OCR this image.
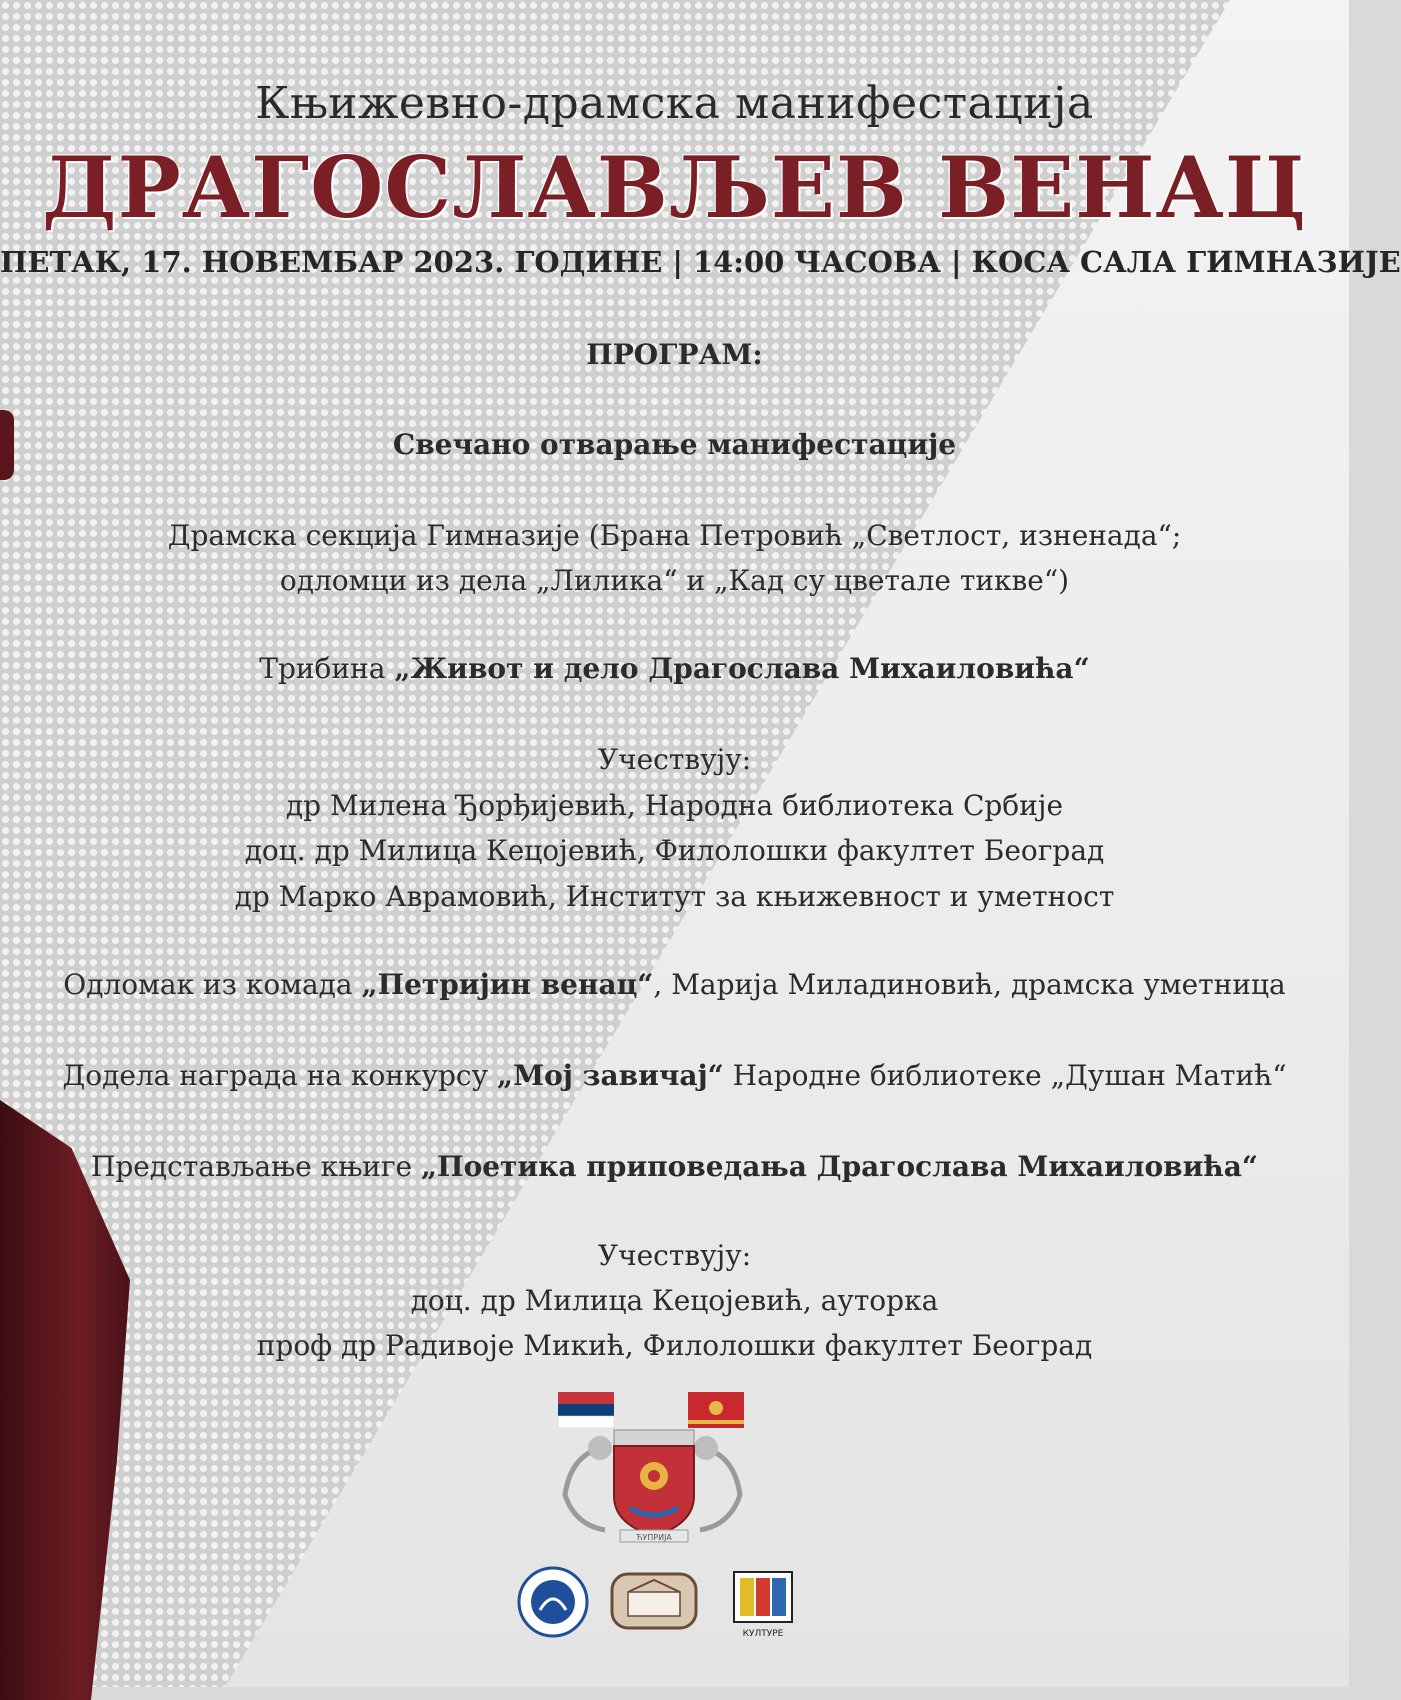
Књижевно-драмска манифестација
ДРАГОСЛАВЉЕВ ВЕНАЦ
ПЕТАК, 17. НОВЕМБАР 2023. ГОДИНЕ | 14:00 ЧАСОВА | КОСА САЛА ГИМНАЗИЈЕ
ПРОГРАМ:
Свечано отварање манифестације
Драмска секција Гимназије (Брана Петровић „Светлост, изненада“;
одломци из дела „Лилика“ и „Кад су цветале тикве“)
Трибина „Живот и дело Драгослава Михаиловића“
Учествују:
др Милена Ђорђијевић, Народна библиотека Србије
доц. др Милица Кецојевић, Филолошки факултет Београд
др Марко Аврамовић, Институт за књижевност и уметност
Одломак из комада „Петријин венац“, Марија Миладиновић, драмска уметница
Додела награда на конкурсу „Мој завичај“ Народне библиотеке „Душан Матић“
Представљање књиге „Поетика приповедања Драгослава Михаиловића“
Учествују:
доц. др Милица Кецојевић, ауторка
проф др Радивоје Микић, Филолошки факултет Београд
ЋУПРИЈА
КУЛТУРЕ
